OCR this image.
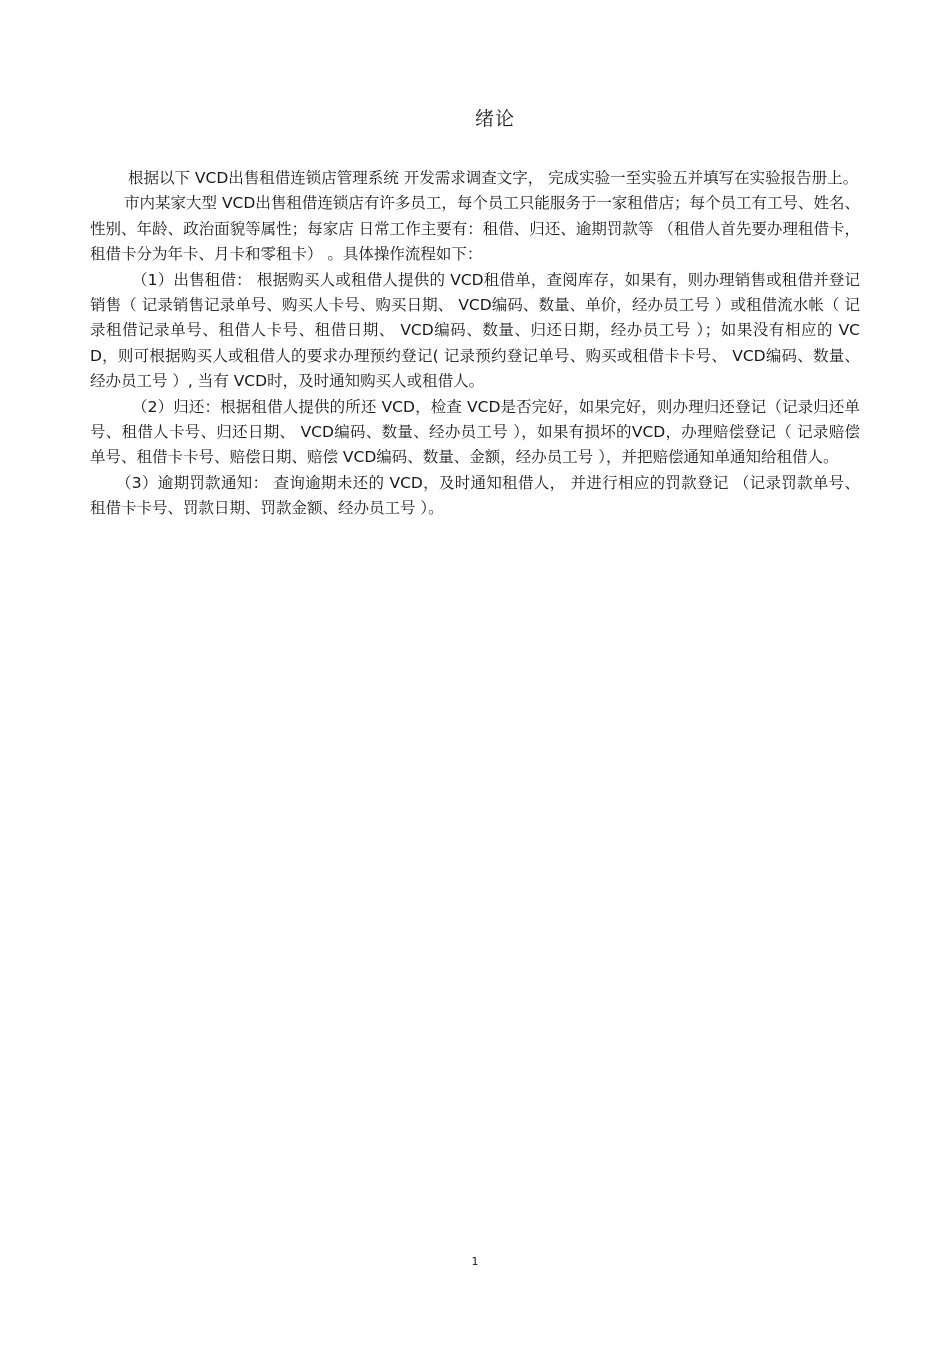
绪论

根据以下 VCD出售租借连锁店管理系统 开发需求调查文字， 完成实验一至实验五并填写在实验报告册上。

市内某家大型 VCD出售租借连锁店有许多员工，每个员工只能服务于一家租借店；每个员工有工号、姓名、性别、年龄、政治面貌等属性；每家店 日常工作主要有：租借、归还、逾期罚款等 （租借人首先要办理租借卡，租借卡分为年卡、月卡和零租卡） 。具体操作流程如下：

（1）出售租借： 根据购买人或租借人提供的 VCD租借单，查阅库存，如果有，则办理销售或租借并登记销售（ 记录销售记录单号、购买人卡号、购买日期、 VCD编码、数量、单价，经办员工号 ）或租借流水帐（ 记录租借记录单号、租借人卡号、租借日期、 VCD编码、数量、归还日期，经办员工号 ）；如果没有相应的 VCD，则可根据购买人或租借人的要求办理预约登记( 记录预约登记单号、购买或租借卡卡号、 VCD编码、数量、经办员工号 ）, 当有 VCD时，及时通知购买人或租借人。

（2）归还：根据租借人提供的所还 VCD，检查 VCD是否完好，如果完好，则办理归还登记（记录归还单号、租借人卡号、归还日期、 VCD编码、数量、经办员工号 ），如果有损坏的VCD，办理赔偿登记（ 记录赔偿单号、租借卡卡号、赔偿日期、赔偿 VCD编码、数量、金额，经办员工号 ），并把赔偿通知单通知给租借人。

（3）逾期罚款通知： 查询逾期未还的 VCD，及时通知租借人， 并进行相应的罚款登记 （记录罚款单号、租借卡卡号、罚款日期、罚款金额、经办员工号 ）。

1
